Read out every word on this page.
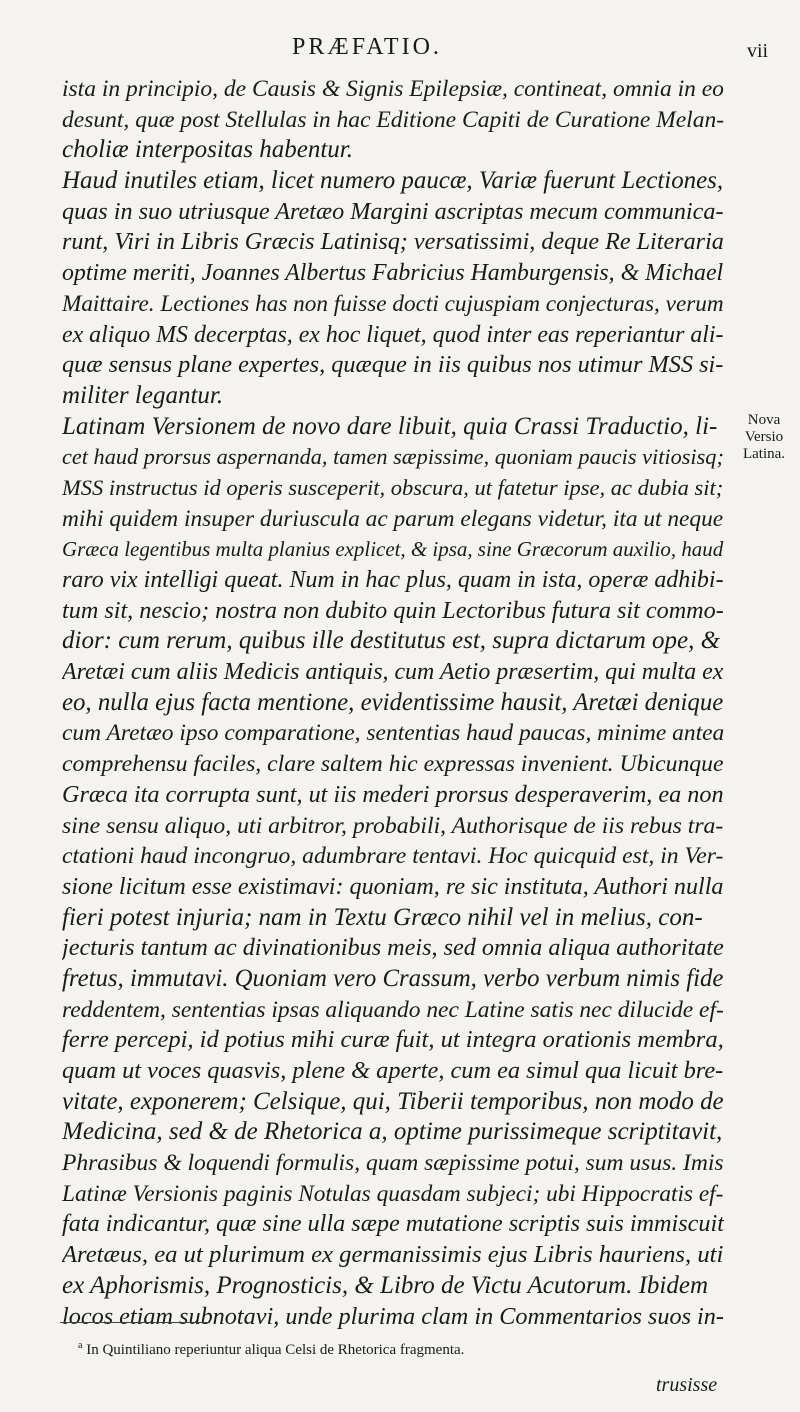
PRÆFATIO.	vii
ista in principio, de Causis & Signis Epilepsiæ, contineat, omnia in eo
desunt, quæ post Stellulas in hac Editione Capiti de Curatione Melan-
choliæ interpositas habentur.
Haud inutiles etiam, licet numero paucæ, Variæ fuerunt Lectiones,
quas in suo utriusque Aretæo Margini ascriptas mecum communica-
runt, Viri in Libris Græcis Latinisq; versatissimi, deque Re Literaria
optime meriti, Joannes Albertus Fabricius Hamburgensis, & Michael
Maittaire. Lectiones has non fuisse docti cujuspiam conjecturas, verum
ex aliquo MS decerptas, ex hoc liquet, quod inter eas reperiantur ali-
quæ sensus plane expertes, quæque in iis quibus nos utimur MSS si-
militer legantur.
Latinam Versionem de novo dare libuit, quia Crassi Traductio, li-
cet haud prorsus aspernanda, tamen sæpissime, quoniam paucis vitiosisq;
MSS instructus id operis susceperit, obscura, ut fatetur ipse, ac dubia sit;
mihi quidem insuper duriuscula ac parum elegans videtur, ita ut neque
Græca legentibus multa planius explicet, & ipsa, sine Græcorum auxilio, haud
raro vix intelligi queat. Num in hac plus, quam in ista, operæ adhibi-
tum sit, nescio; nostra non dubito quin Lectoribus futura sit commo-
dior: cum rerum, quibus ille destitutus est, supra dictarum ope, &
Aretæi cum aliis Medicis antiquis, cum Aetio præsertim, qui multa ex
eo, nulla ejus facta mentione, evidentissime hausit, Aretæi denique
cum Aretæo ipso comparatione, sententias haud paucas, minime antea
comprehensu faciles, clare saltem hic expressas invenient. Ubicunque
Græca ita corrupta sunt, ut iis mederi prorsus desperaverim, ea non
sine sensu aliquo, uti arbitror, probabili, Authorisque de iis rebus tra-
ctationi haud incongruo, adumbrare tentavi. Hoc quicquid est, in Ver-
sione licitum esse existimavi: quoniam, re sic instituta, Authori nulla
fieri potest injuria; nam in Textu Græco nihil vel in melius, con-
jecturis tantum ac divinationibus meis, sed omnia aliqua authoritate
fretus, immutavi. Quoniam vero Crassum, verbo verbum nimis fide
reddentem, sententias ipsas aliquando nec Latine satis nec dilucide ef-
ferre percepi, id potius mihi curæ fuit, ut integra orationis membra,
quam ut voces quasvis, plene & aperte, cum ea simul qua licuit bre-
vitate, exponerem; Celsique, qui, Tiberii temporibus, non modo de
Medicina, sed & de Rhetorica a, optime purissimeque scriptitavit,
Phrasibus & loquendi formulis, quam sæpissime potui, sum usus. Imis
Latinæ Versionis paginis Notulas quasdam subjeci; ubi Hippocratis ef-
fata indicantur, quæ sine ulla sæpe mutatione scriptis suis immiscuit
Aretæus, ea ut plurimum ex germanissimis ejus Libris hauriens, uti
ex Aphorismis, Prognosticis, & Libro de Victu Acutorum. Ibidem
locos etiam subnotavi, unde plurima clam in Commentarios suos in-
Nova
Versio
Latina.
$^a$ In Quintiliano reperiuntur aliqua Celsi de Rhetorica fragmenta.
trusisse
